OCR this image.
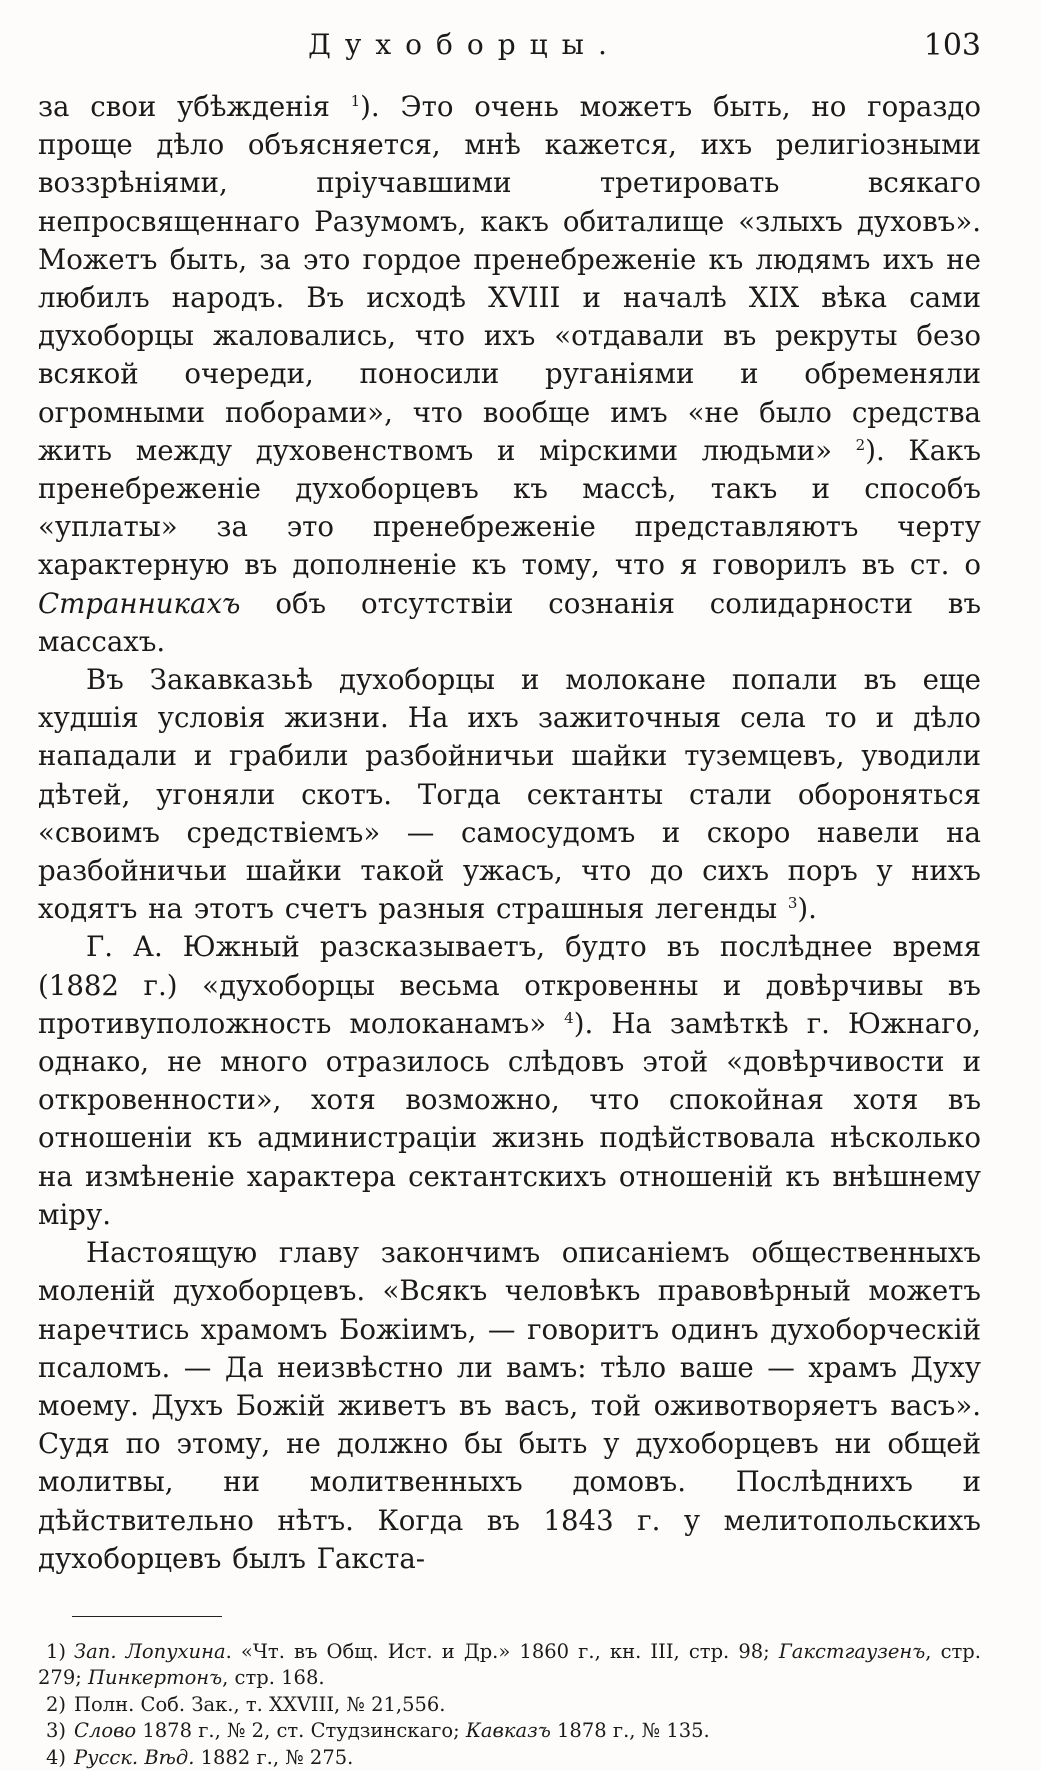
Духоборцы.	103

за свои убѣжденія $^1$). Это очень можетъ быть, но гораздо проще дѣло объясняется, мнѣ кажется, ихъ религіозными воззрѣніями, пріучавшими третировать всякаго непросвященнаго Разумомъ, какъ обиталище «злыхъ духовъ». Можетъ быть, за это гордое пренебреженіе къ людямъ ихъ не любилъ народъ. Въ исходѣ XVIII и началѣ XIX вѣка сами духоборцы жаловались, что ихъ «отдавали въ рекруты безо всякой очереди, поносили руганіями и обременяли огромными поборами», что вообще имъ «не было средства жить между духовенствомъ и мірскими людьми» $^2$). Какъ пренебреженіе духоборцевъ къ массѣ, такъ и способъ «уплаты» за это пренебреженіе представляютъ черту характерную въ дополненіе къ тому, что я говорилъ въ ст. о Странникахъ объ отсутствіи сознанія солидарности въ массахъ.

Въ Закавказьѣ духоборцы и молокане попали въ еще худшія условія жизни. На ихъ зажиточныя села то и дѣло нападали и грабили разбойничьи шайки туземцевъ, уводили дѣтей, угоняли скотъ. Тогда сектанты стали обороняться «своимъ средствіемъ» — самосудомъ и скоро навели на разбойничьи шайки такой ужасъ, что до сихъ поръ у нихъ ходятъ на этотъ счетъ разныя страшныя легенды $^3$).

Г. А. Южный разсказываетъ, будто въ послѣднее время (1882 г.) «духоборцы весьма откровенны и довѣрчивы въ противуположность молоканамъ» $^4$). На замѣткѣ г. Южнаго, однако, не много отразилось слѣдовъ этой «довѣрчивости и откровенности», хотя возможно, что спокойная хотя въ отношеніи къ администраціи жизнь подѣйствовала нѣсколько на измѣненіе характера сектантскихъ отношеній къ внѣшнему міру.

Настоящую главу закончимъ описаніемъ общественныхъ моленій духоборцевъ. «Всякъ человѣкъ правовѣрный можетъ наречтись храмомъ Божіимъ, — говоритъ одинъ духоборческій псаломъ. — Да неизвѣстно ли вамъ: тѣло ваше — храмъ Духу моему. Духъ Божій живетъ въ васъ, той оживотворяетъ васъ». Судя по этому, не должно бы быть у духоборцевъ ни общей молитвы, ни молитвенныхъ домовъ. Послѣднихъ и дѣйствительно нѣтъ. Когда въ 1843 г. у мелитопольскихъ духоборцевъ былъ Гакста-

1) Зап. Лопухина. «Чт. въ Общ. Ист. и Др.» 1860 г., кн. III, стр. 98; Гакстгаузенъ, стр. 279; Пинкертонъ, стр. 168.

2) Полн. Соб. Зак., т. XXVIII, № 21,556.

3) Слово 1878 г., № 2, ст. Студзинскаго; Кавказъ 1878 г., № 135.

4) Русск. Вѣд. 1882 г., № 275.
